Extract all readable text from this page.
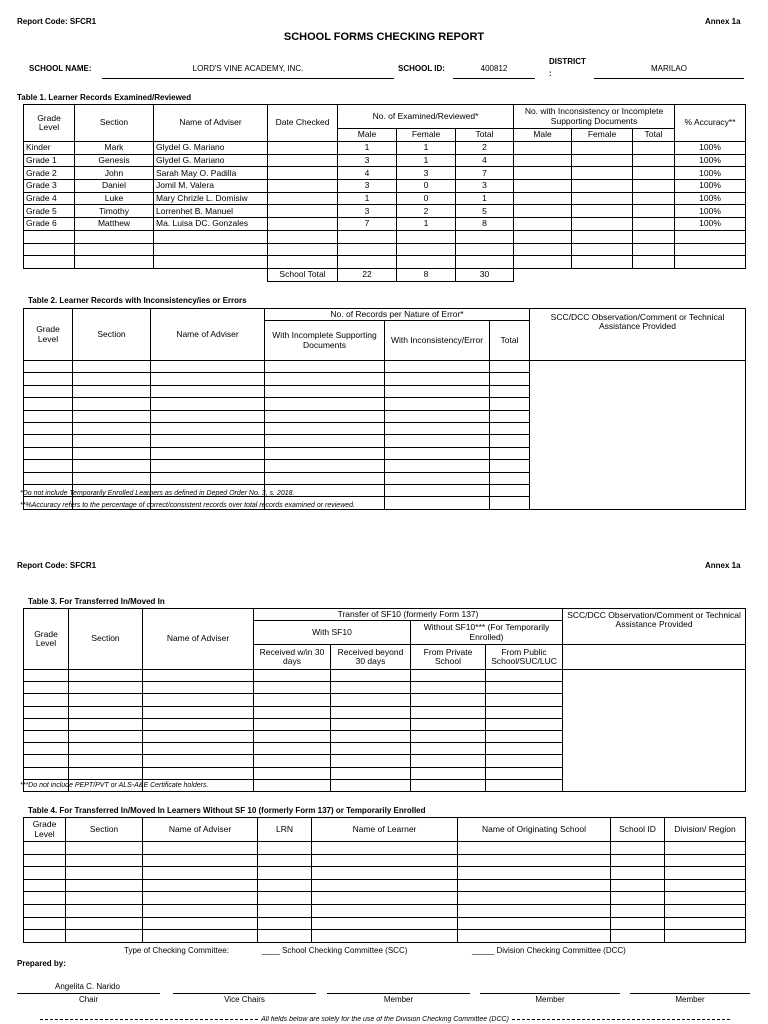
Report Code: SFCR1	Annex 1a
SCHOOL FORMS CHECKING REPORT
SCHOOL NAME:	LORD'S VINE ACADEMY, INC.	SCHOOL ID:	400812
DISTRICT
:
MARILAO
Table 1. Learner Records Examined/Reviewed
Grade Level	Section	Name of Adviser	Date Checked	No. of Examined/Reviewed*			No. with Inconsistency or Incomplete Supporting Documents			% Accuracy**
				Male	Female	Total	Male	Female	Total	
Kinder	Mark	Glydel G. Mariano		1	1	2				100%
Grade 1	Genesis	Glydel G. Mariano		3	1	4				100%
Grade 2	John	Sarah May O. Padilla		4	3	7				100%
Grade 3	Daniel	Jomil M. Valera		3	0	3				100%
Grade 4	Luke	Mary Chrizle L. Domisiw		1	0	1				100%
Grade 5	Timothy	Lorrenhet B. Manuel		3	2	5				100%
Grade 6	Matthew	Ma. Luisa DC. Gonzales		7	1	8				100%

			School Total	22	8	30				
Table 2. Learner Records with Inconsistency/ies or Errors
Grade Level	Section	Name of Adviser	No. of Records per Nature of Error*			SCC/DCC Observation/Comment or Technical Assistance Provided
			With Incomplete Supporting Documents	With Inconsistency/Error	Total	

*Do not include Temporarily Enrolled Learners as defined in Deped Order No. 3, s. 2018.
**%Accuracy refers to the percentage of correct/consistent records over total records examined or reviewed.
Report Code: SFCR1	Annex 1a
Table 3. For Transferred In/Moved In
Grade Level	Section	Name of Adviser	Transfer of SF10 (formerly Form 137)				SCC/DCC Observation/Comment or Technical Assistance Provided
			With SF10		Without SF10*** (For Temporarily Enrolled)		
			Received w/in 30 days	Received beyond 30 days	From Private School	From Public School/SUC/LUC	

***Do not include PEPT/PVT or ALS-A&E Certificate holders.
Table 4. For Transferred In/Moved In Learners Without SF 10 (formerly Form 137) or Temporarily Enrolled
Grade Level	Section	Name of Adviser	LRN	Name of Learner	Name of Originating School	School ID	Division/ Region

Type of Checking Committee:	____ School Checking Committee (SCC)	_____ Division Checking Committee (DCC)
Prepared by:
Angelita C. Narido
Chair	Vice Chairs	Member	Member	Member
All fields below are solely for the use of the Division Checking Committee (DCC)
